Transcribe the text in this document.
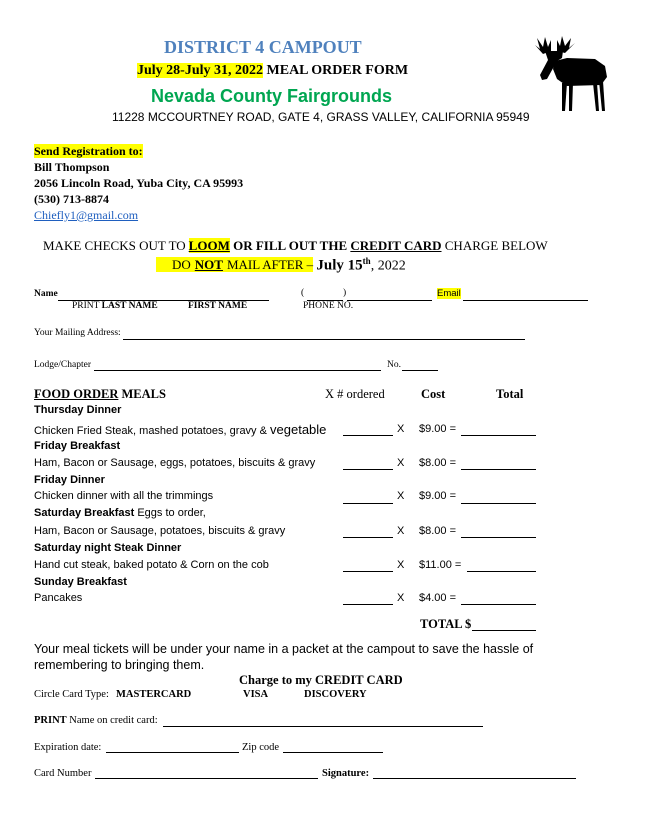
DISTRICT 4 CAMPOUT
July 28-July 31, 2022 MEAL ORDER FORM
Nevada County Fairgrounds
11228 MCCOURTNEY ROAD, GATE 4, GRASS VALLEY, CALIFORNIA 95949
Send Registration to:
Bill Thompson
2056 Lincoln Road, Yuba City, CA 95993
(530) 713-8874
Chiefly1@gmail.com
MAKE CHECKS OUT TO LOOM OR FILL OUT THE CREDIT CARD CHARGE BELOW
DO NOT MAIL AFTER – July 15th, 2022
Name	(	)	Email
PRINT LAST NAME	FIRST NAME	PHONE NO.
Your Mailing Address:
Lodge/Chapter	No.
FOOD ORDER MEALS	X # ordered	Cost	Total
Thursday Dinner
Chicken Fried Steak, mashed potatoes, gravy & vegetable	X $9.00 =
Friday Breakfast
Ham, Bacon or Sausage, eggs, potatoes, biscuits & gravy	X $8.00 =
Friday Dinner
Chicken dinner with all the trimmings	X $9.00 =
Saturday Breakfast Eggs to order,
Ham, Bacon or Sausage, potatoes, biscuits & gravy	X $8.00 =
Saturday night Steak Dinner
Hand cut steak, baked potato & Corn on the cob	X $11.00 =
Sunday Breakfast
Pancakes	X $4.00 =
TOTAL $
Your meal tickets will be under your name in a packet at the campout to save the hassle of
remembering to bringing them.
Charge to my CREDIT CARD
Circle Card Type: MASTERCARD	VISA	DISCOVERY
PRINT Name on credit card:
Expiration date:	Zip code
Card Number	Signature:
